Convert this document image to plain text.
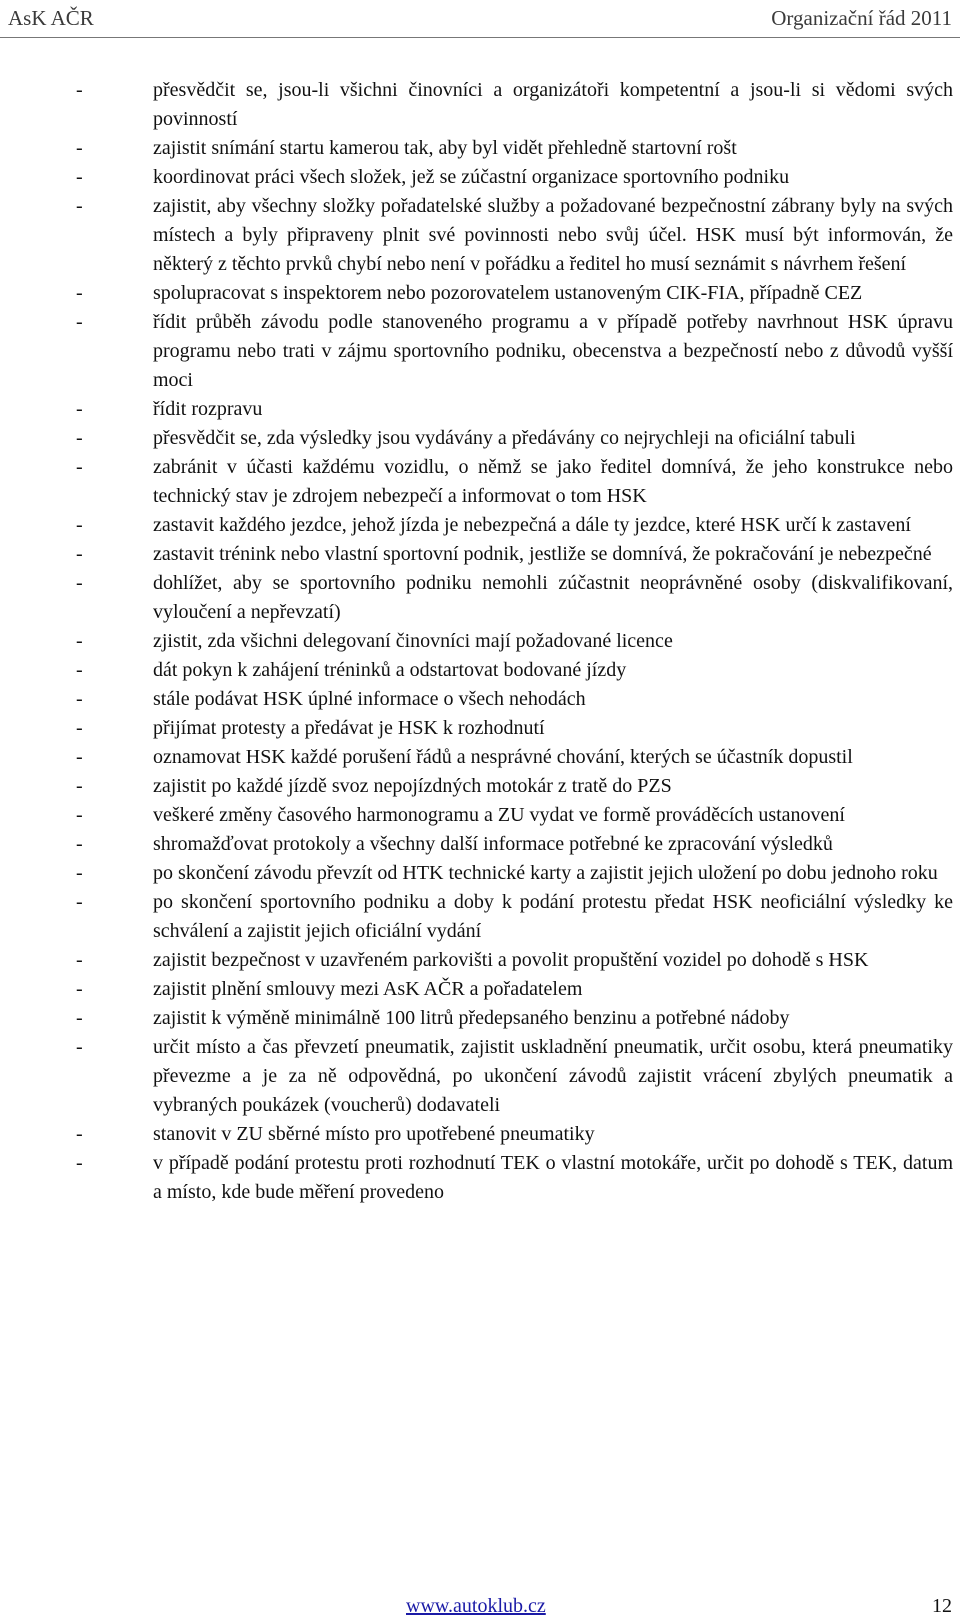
AsK AČR	Organizační řád 2011
-	přesvědčit se, jsou-li všichni činovníci a organizátoři kompetentní a jsou-li si vědomi svých povinností
-	zajistit snímání startu kamerou tak, aby byl vidět přehledně startovní rošt
-	koordinovat práci všech složek, jež se zúčastní organizace sportovního podniku
-	zajistit, aby všechny složky pořadatelské služby a požadované bezpečnostní zábrany byly na svých místech a byly připraveny plnit své povinnosti nebo svůj účel. HSK musí být informován, že některý z těchto prvků chybí nebo není v pořádku a ředitel ho musí seznámit s návrhem řešení
-	spolupracovat s inspektorem nebo pozorovatelem ustanoveným CIK-FIA, případně CEZ
-	řídit průběh závodu podle stanoveného programu a v případě potřeby navrhnout HSK úpravu programu nebo trati v zájmu sportovního podniku, obecenstva a bezpečností nebo z důvodů vyšší moci
-	řídit rozpravu
-	přesvědčit se, zda výsledky jsou vydávány a předávány co nejrychleji na oficiální tabuli
-	zabránit v účasti každému vozidlu, o němž se jako ředitel domnívá, že jeho konstrukce nebo technický stav je zdrojem nebezpečí a informovat o tom HSK
-	zastavit každého jezdce, jehož jízda je nebezpečná a dále ty jezdce, které HSK určí k zastavení
-	zastavit trénink nebo vlastní sportovní podnik, jestliže se domnívá, že pokračování je nebezpečné
-	dohlížet, aby se sportovního podniku nemohli zúčastnit neoprávněné osoby (diskvalifikovaní, vyloučení a nepřevzatí)
-	zjistit, zda všichni delegovaní činovníci mají požadované licence
-	dát pokyn k zahájení tréninků a odstartovat bodované jízdy
-	stále podávat HSK úplné informace o všech nehodách
-	přijímat protesty a předávat je HSK k rozhodnutí
-	oznamovat HSK každé porušení řádů a nesprávné chování, kterých se účastník dopustil
-	zajistit po každé jízdě svoz nepojízdných motokár z tratě do PZS
-	veškeré změny časového harmonogramu a ZU vydat ve formě prováděcích ustanovení
-	shromažďovat protokoly a všechny další informace potřebné ke zpracování výsledků
-	po skončení závodu převzít od HTK technické karty a zajistit jejich uložení po dobu jednoho roku
-	po skončení sportovního podniku a doby k podání protestu předat HSK neoficiální výsledky ke schválení a zajistit jejich oficiální vydání
-	zajistit bezpečnost v uzavřeném parkovišti a povolit propuštění vozidel po dohodě s HSK
-	zajistit plnění smlouvy mezi AsK AČR a pořadatelem
-	zajistit k výměně minimálně 100 litrů předepsaného benzinu a potřebné nádoby
-	určit místo a čas převzetí pneumatik, zajistit uskladnění pneumatik, určit osobu, která pneumatiky převezme a je za ně odpovědná, po ukončení závodů zajistit vrácení zbylých pneumatik a vybraných poukázek (voucherů) dodavateli
-	stanovit v ZU sběrné místo pro upotřebené pneumatiky
-	v případě podání protestu proti rozhodnutí TEK o vlastní motokáře, určit po dohodě s TEK, datum a místo, kde bude měření provedeno
www.autoklub.cz	12
